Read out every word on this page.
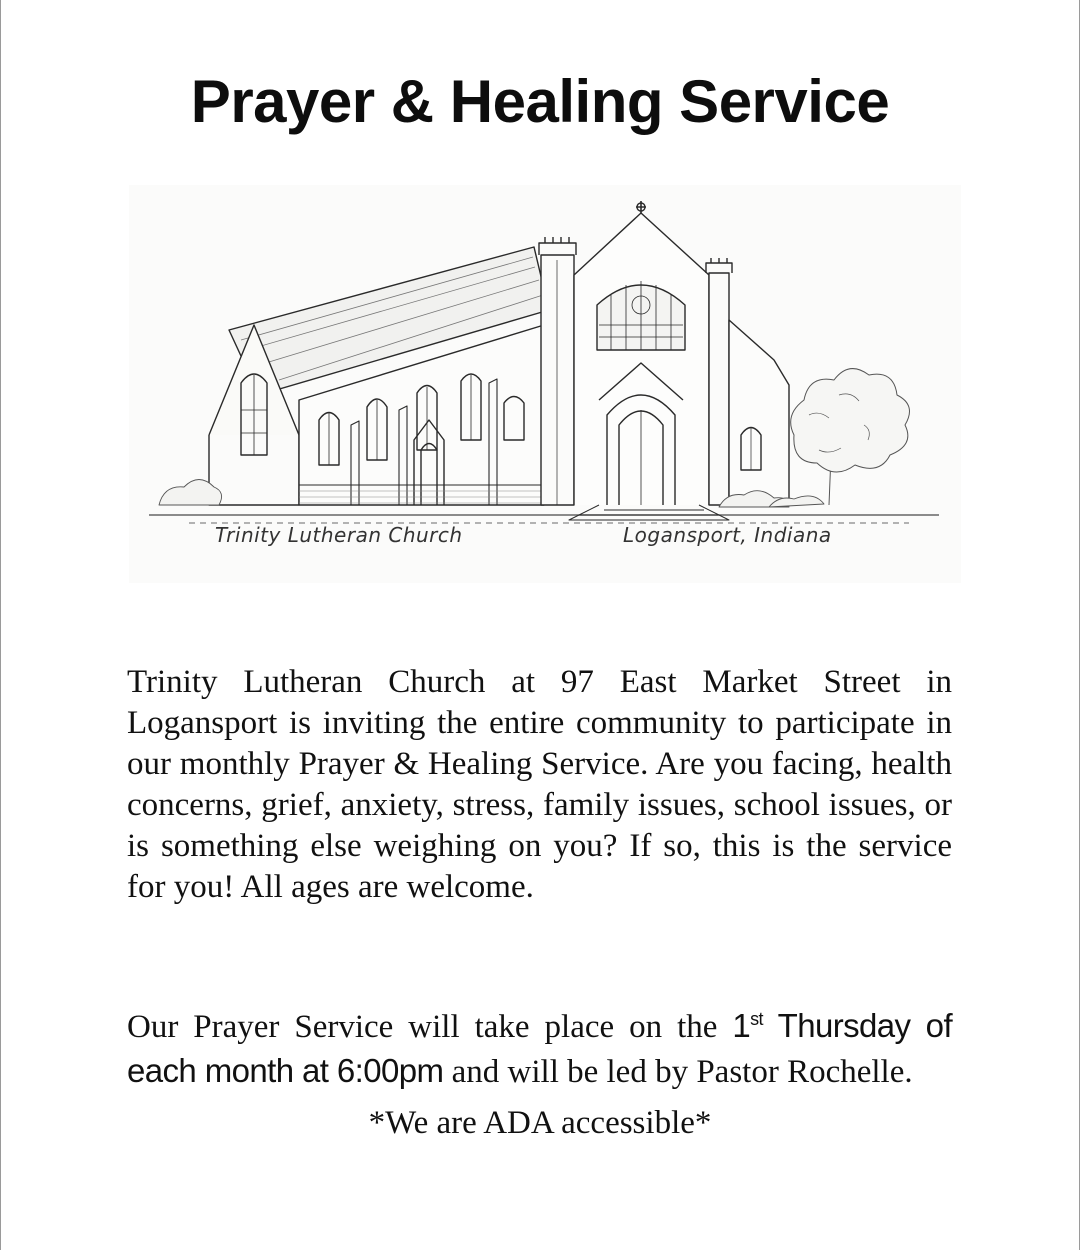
Prayer & Healing Service
Trinity Lutheran Church	Logansport, Indiana
Trinity Lutheran Church at 97 East Market Street in Logansport is inviting the entire community to participate in our monthly Prayer & Healing Service. Are you facing, health concerns, grief, anxiety, stress, family issues, school issues, or is something else weighing on you? If so, this is the service for you! All ages are welcome.
Our Prayer Service will take place on the 1st Thursday of each month at 6:00pm and will be led by Pastor Rochelle.
*We are ADA accessible*
